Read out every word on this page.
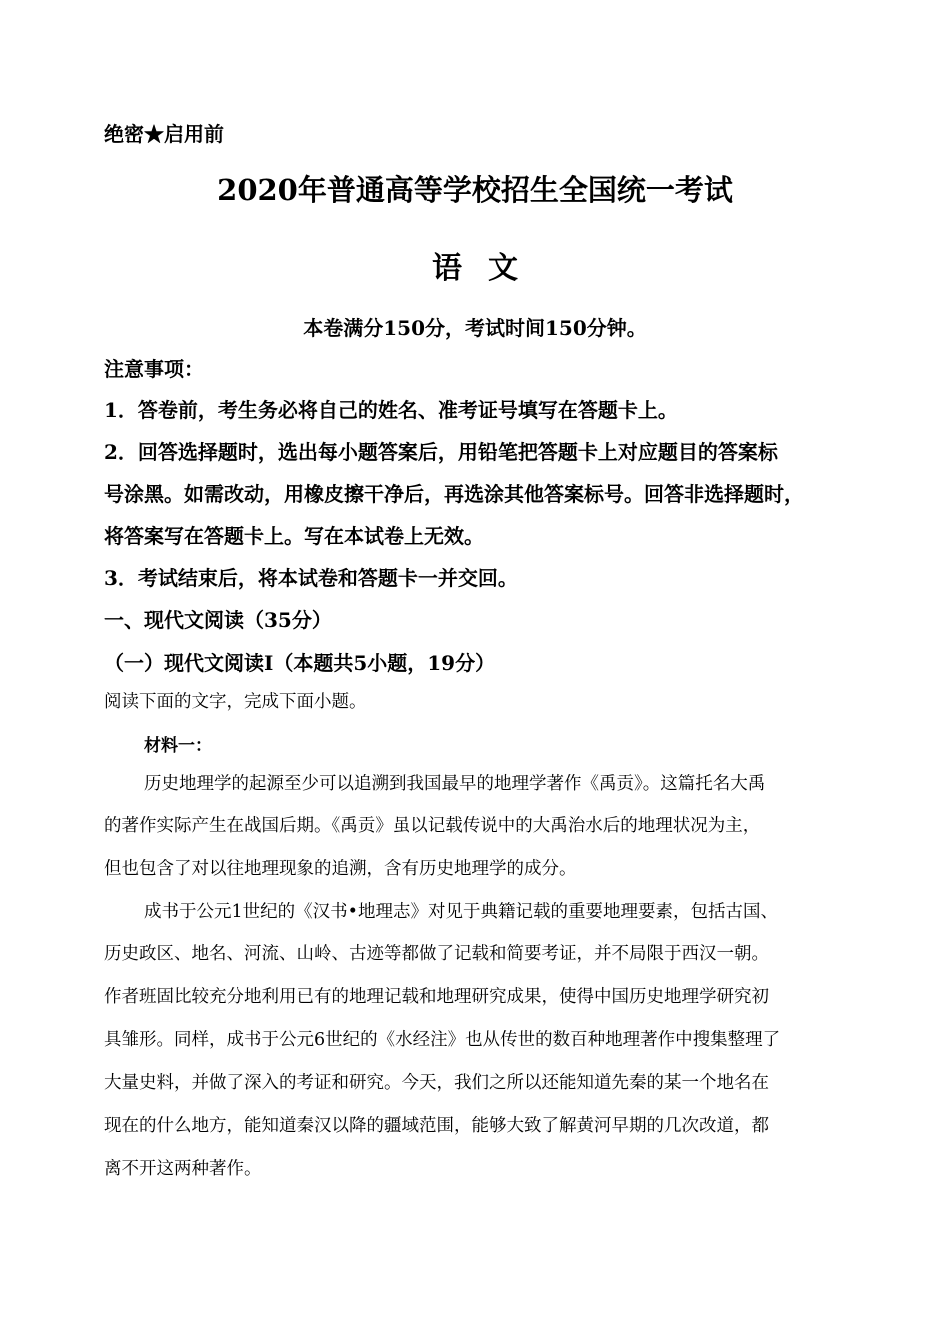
绝密★启用前
2020年普通高等学校招生全国统一考试
语文
本卷满分150分，考试时间150分钟。
注意事项：
1．答卷前，考生务必将自己的姓名、准考证号填写在答题卡上。
2．回答选择题时，选出每小题答案后，用铅笔把答题卡上对应题目的答案标
号涂黑。如需改动，用橡皮擦干净后，再选涂其他答案标号。回答非选择题时，
将答案写在答题卡上。写在本试卷上无效。
3．考试结束后，将本试卷和答题卡一并交回。
一、现代文阅读（35分）
（一）现代文阅读Ⅰ（本题共5小题，19分）
阅读下面的文字，完成下面小题。
材料一：
历史地理学的起源至少可以追溯到我国最早的地理学著作《禹贡》。这篇托名大禹
的著作实际产生在战国后期。《禹贡》虽以记载传说中的大禹治水后的地理状况为主，
但也包含了对以往地理现象的追溯，含有历史地理学的成分。
成书于公元1世纪的《汉书•地理志》对见于典籍记载的重要地理要素，包括古国、
历史政区、地名、河流、山岭、古迹等都做了记载和简要考证，并不局限于西汉一朝。
作者班固比较充分地利用已有的地理记载和地理研究成果，使得中国历史地理学研究初
具雏形。同样，成书于公元6世纪的《水经注》也从传世的数百种地理著作中搜集整理了
大量史料，并做了深入的考证和研究。今天，我们之所以还能知道先秦的某一个地名在
现在的什么地方，能知道秦汉以降的疆域范围，能够大致了解黄河早期的几次改道，都
离不开这两种著作。
